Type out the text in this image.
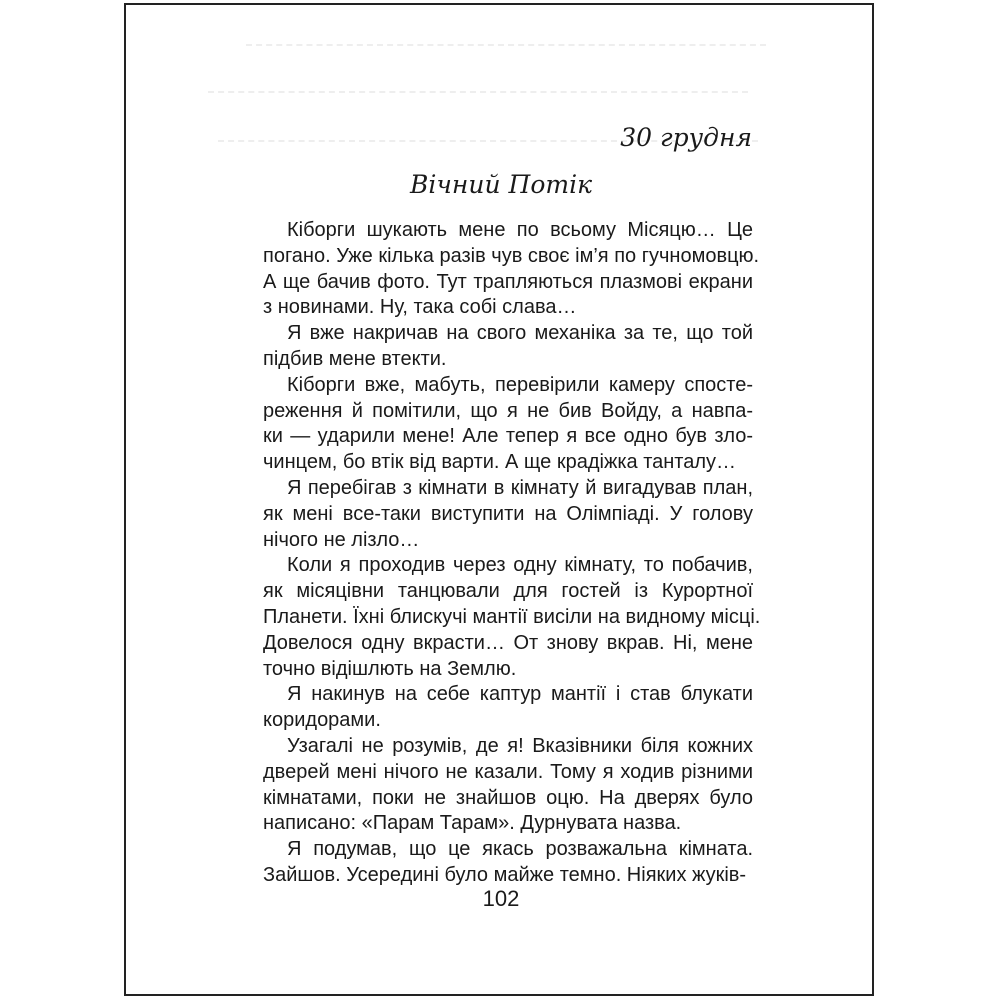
30 грудня
Вічний Потік

Кіборги шукають мене по всьому Місяцю… Це
погано. Уже кілька разів чув своє ім’я по гучномовцю.
А ще бачив фото. Тут трапляються плазмові екрани
з новинами. Ну, така собі слава…

Я вже накричав на свого механіка за те, що той
підбив мене втекти.

Кіборги вже, мабуть, перевірили камеру спосте-
реження й помітили, що я не бив Войду, а навпа-
ки — ударили мене! Але тепер я все одно був зло-
чинцем, бо втік від варти. А ще крадіжка танталу…

Я перебігав з кімнати в кімнату й вигадував план,
як мені все-таки виступити на Олімпіаді. У голову
нічого не лізло…

Коли я проходив через одну кімнату, то побачив,
як місяцівни танцювали для гостей із Курортної
Планети. Їхні блискучі мантії висіли на видному місці.
Довелося одну вкрасти… От знову вкрав. Ні, мене
точно відішлють на Землю.

Я накинув на себе каптур мантії і став блукати
коридорами.

Узагалі не розумів, де я! Вказівники біля кожних
дверей мені нічого не казали. Тому я ходив різними
кімнатами, поки не знайшов оцю. На дверях було
написано: «Парам Тарам». Дурнувата назва.

Я подумав, що це якась розважальна кімната.
Зайшов. Усередині було майже темно. Ніяких жуків-

102
